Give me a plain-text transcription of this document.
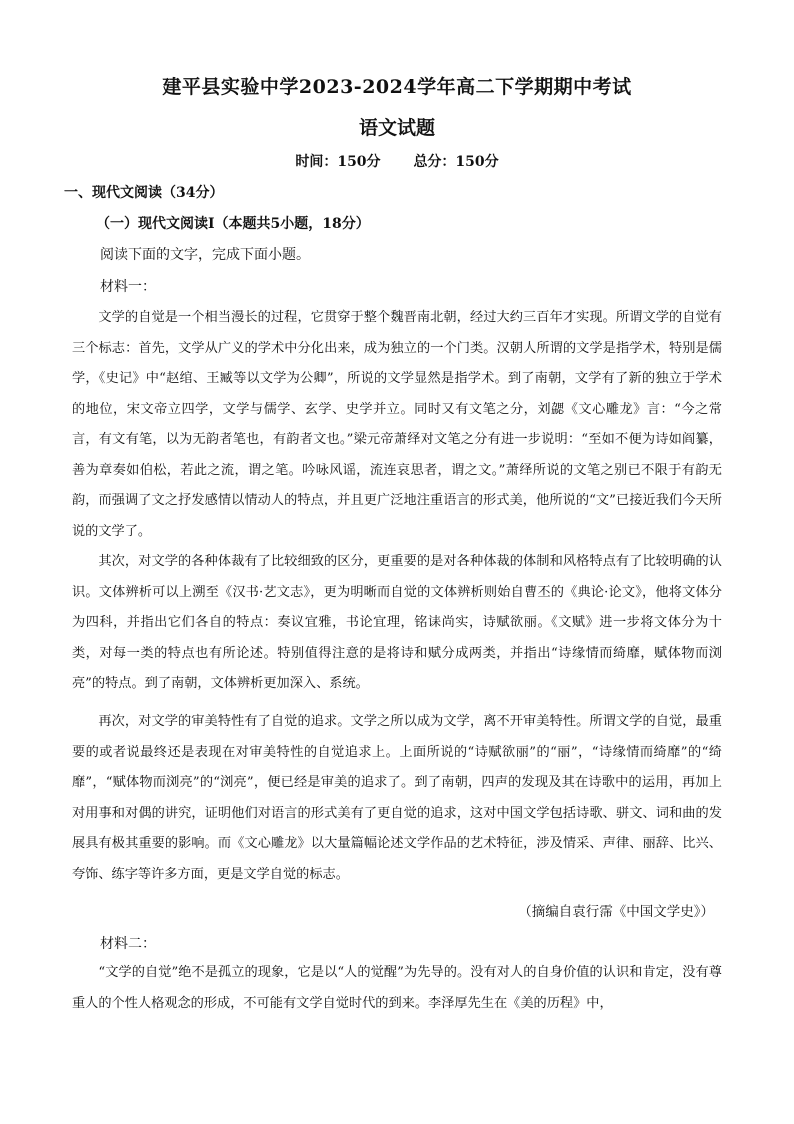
建平县实验中学2023-2024学年高二下学期期中考试
语文试题
时间：150分 总分：150分
一、现代文阅读（34分）
（一）现代文阅读Ⅰ（本题共5小题，18分）
阅读下面的文字，完成下面小题。
材料一：

文学的自觉是一个相当漫长的过程，它贯穿于整个魏晋南北朝，经过大约三百年才实现。所谓文学的自觉有三个标志：首先，文学从广义的学术中分化出来，成为独立的一个门类。汉朝人所谓的文学是指学术，特别是儒学，《史记》中“赵绾、王臧等以文学为公卿”，所说的文学显然是指学术。到了南朝，文学有了新的独立于学术的地位，宋文帝立四学，文学与儒学、玄学、史学并立。同时又有文笔之分，刘勰《文心雕龙》言：“今之常言，有文有笔，以为无韵者笔也，有韵者文也。”梁元帝萧绎对文笔之分有进一步说明：“至如不便为诗如阎纂，善为章奏如伯松，若此之流，谓之笔。吟咏风谣，流连哀思者，谓之文。”萧绎所说的文笔之别已不限于有韵无韵，而强调了文之抒发感情以情动人的特点，并且更广泛地注重语言的形式美，他所说的“文”已接近我们今天所说的文学了。

其次，对文学的各种体裁有了比较细致的区分，更重要的是对各种体裁的体制和风格特点有了比较明确的认识。文体辨析可以上溯至《汉书·艺文志》，更为明晰而自觉的文体辨析则始自曹丕的《典论·论文》，他将文体分为四科，并指出它们各自的特点：奏议宜雅，书论宜理，铭诔尚实，诗赋欲丽。《文赋》进一步将文体分为十类，对每一类的特点也有所论述。特别值得注意的是将诗和赋分成两类，并指出“诗缘情而绮靡，赋体物而浏亮”的特点。到了南朝，文体辨析更加深入、系统。

再次，对文学的审美特性有了自觉的追求。文学之所以成为文学，离不开审美特性。所谓文学的自觉，最重要的或者说最终还是表现在对审美特性的自觉追求上。上面所说的“诗赋欲丽”的“丽”，“诗缘情而绮靡”的“绮靡”，“赋体物而浏亮”的“浏亮”，便已经是审美的追求了。到了南朝，四声的发现及其在诗歌中的运用，再加上对用事和对偶的讲究，证明他们对语言的形式美有了更自觉的追求，这对中国文学包括诗歌、骈文、词和曲的发展具有极其重要的影响。而《文心雕龙》以大量篇幅论述文学作品的艺术特征，涉及情采、声律、丽辞、比兴、夸饰、练字等许多方面，更是文学自觉的标志。

（摘编自袁行霈《中国文学史》）
材料二：

“文学的自觉”绝不是孤立的现象，它是以“人的觉醒”为先导的。没有对人的自身价值的认识和肯定，没有尊重人的个性人格观念的形成，不可能有文学自觉时代的到来。李泽厚先生在《美的历程》中，
